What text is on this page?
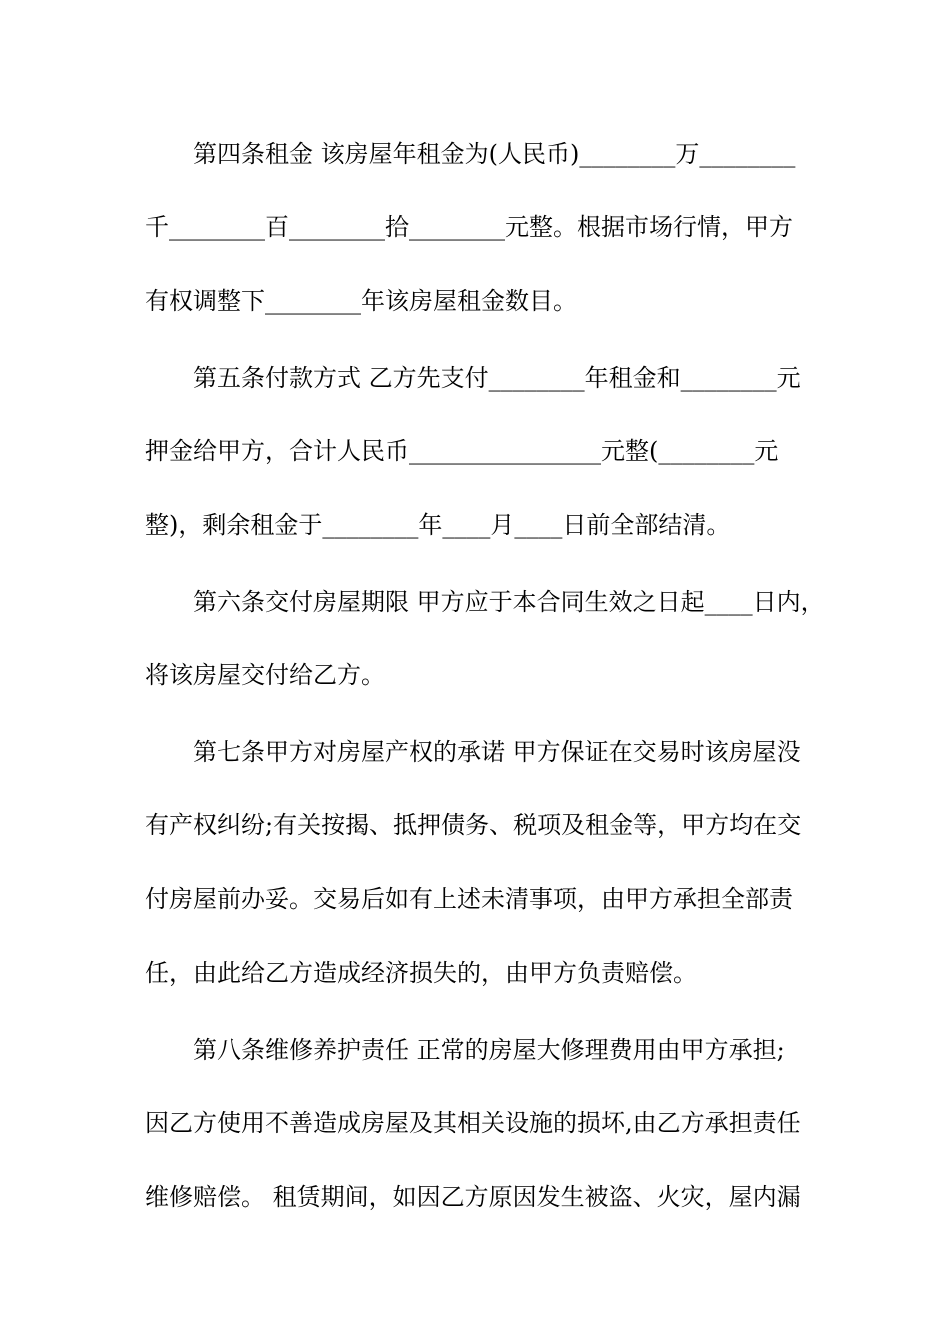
第四条租金 该房屋年租金为(人民币)________万________
千________百________拾________元整。根据市场行情，甲方
有权调整下________年该房屋租金数目。
第五条付款方式 乙方先支付________年租金和________元
押金给甲方，合计人民币________________元整(________元
整)，剩余租金于________年____月____日前全部结清。
第六条交付房屋期限 甲方应于本合同生效之日起____日内，
将该房屋交付给乙方。
第七条甲方对房屋产权的承诺 甲方保证在交易时该房屋没
有产权纠纷;有关按揭、抵押债务、税项及租金等，甲方均在交
付房屋前办妥。交易后如有上述未清事项，由甲方承担全部责
任，由此给乙方造成经济损失的，由甲方负责赔偿。
第八条维修养护责任 正常的房屋大修理费用由甲方承担;
因乙方使用不善造成房屋及其相关设施的损坏,由乙方承担责任
维修赔偿。 租赁期间，如因乙方原因发生被盗、火灾，屋内漏
